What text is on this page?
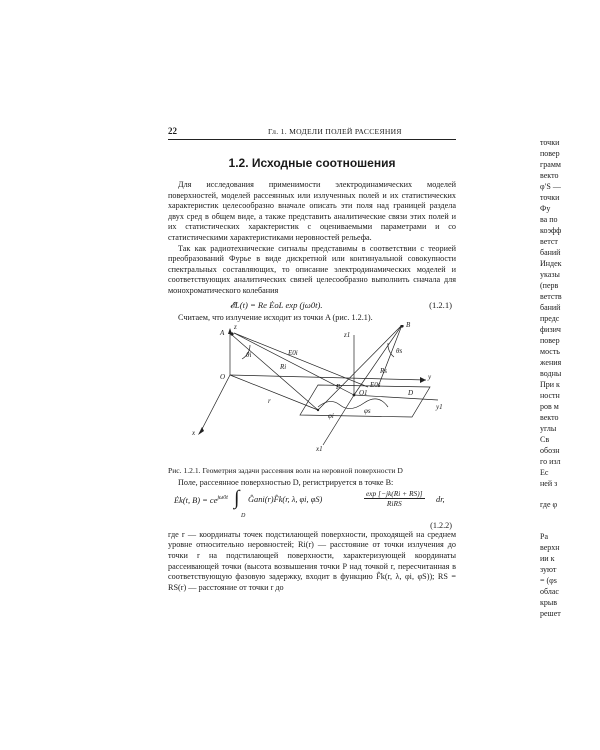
22	Гл. 1. МОДЕЛИ ПОЛЕЙ РАССЕЯНИЯ
1.2. Исходные соотношения

Для исследования применимости электродинамических моделей поверхностей, моделей рассеянных или излученных полей и их статистических характеристик целесообразно вначале описать эти поля над границей раздела двух сред в общем виде, а также представить аналитические связи этих полей и их статистических характеристик с оцениваемыми параметрами и со статистическими характеристиками неровностей рельефа.

Так как радиотехнические сигналы представимы в соответствии с теорией преобразований Фурье в виде дискретной или континуальной совокупности спектральных составляющих, то описание электродинамических моделей и соответствующих аналитических связей целесообразно выполнить сначала для монохроматического колебания

𝓔L(t) = Re ĖoL exp (jω0t).	(1.2.1)

Считаем, что излучение исходит из точки A (рис. 1.2.1).

A
B
O
O1
x
y
z
z1
x1
y1
θi	θs
φi
φs
Ri	Rs
r
D
E0i
E0s
P
Рис. 1.2.1. Геометрия задачи рассеяния волн на неровной поверхности D

Поле, рассеянное поверхностью D, регистрируется в точке B:

Ėk(t, $B) = ce^{j\omega 0t}$ ∫
D
Ĝani(r)F̂k(r, λ, φi, φS)
exp [−jk(Ri + RS)]
RiRS	dr,
(1.2.2)

где r — координаты точек подстилающей поверхности, проходящей на среднем уровне относительно неровностей; Ri(r) — расстояние от точки излучения до точки r на подстилающей поверхности, характеризующей координаты рассеивающей точки (высота возвышения точки P над точкой r, пересчитанная в соответствующую фазовую задержку, входит в функцию F̂k(r, λ, φi, φS)); RS = RS(r) — расстояние от точки r до

точки
повер
грамм
векто
φ′S —
точки
Фу
ва по
коэфф
ветст
баний
Индек
указы
(перв
ветств
баний
предс
физич
повер
мость
жения
водны
При к
ностн
ров м
векто
углы
Св
обозн
го изл
Ес
ней з
где φ
Ра
верхн
ии к
зуют
= (φs
облас
крыв
решет
